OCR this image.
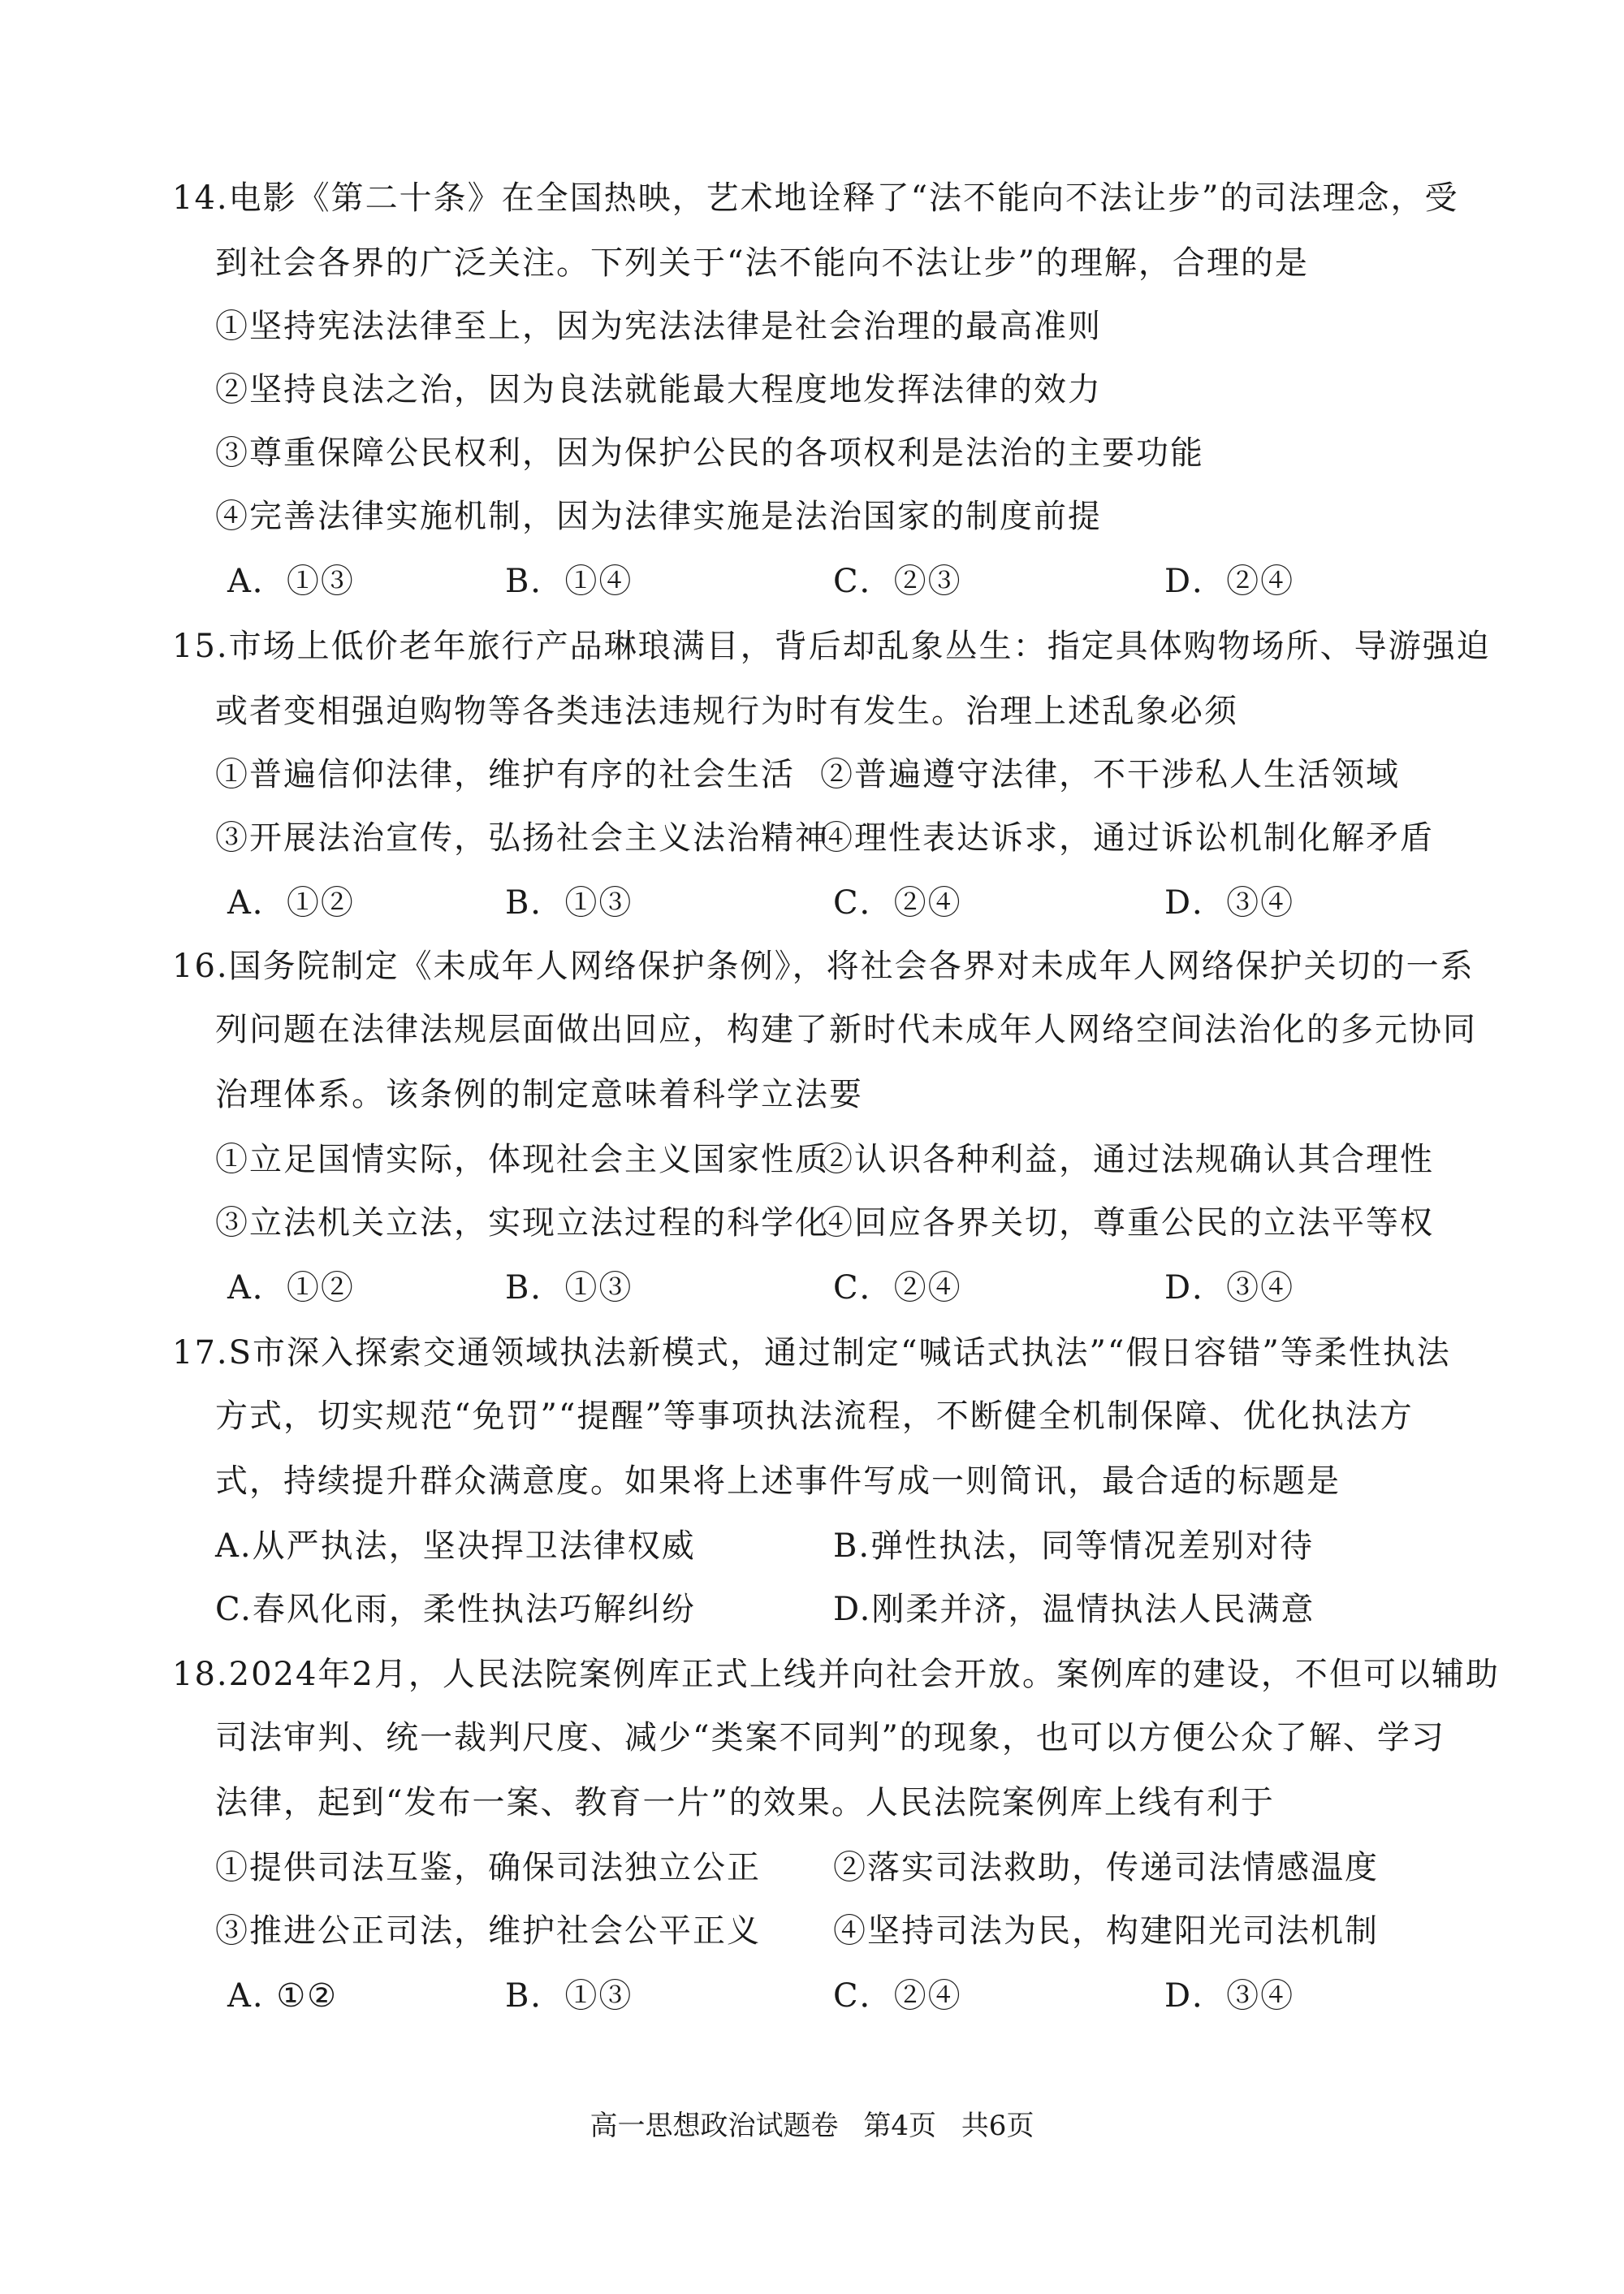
14.电影《第二十条》在全国热映，艺术地诠释了“法不能向不法让步”的司法理念，受
到社会各界的广泛关注。下列关于“法不能向不法让步”的理解，合理的是
①坚持宪法法律至上，因为宪法法律是社会治理的最高准则
②坚持良法之治，因为良法就能最大程度地发挥法律的效力
③尊重保障公民权利，因为保护公民的各项权利是法治的主要功能
④完善法律实施机制，因为法律实施是法治国家的制度前提
A．①③	B．①④	C．②③	D．②④
15.市场上低价老年旅行产品琳琅满目，背后却乱象丛生：指定具体购物场所、导游强迫
或者变相强迫购物等各类违法违规行为时有发生。治理上述乱象必须
①普遍信仰法律，维护有序的社会生活 ②普遍遵守法律，不干涉私人生活领域
③开展法治宣传，弘扬社会主义法治精神
④理性表达诉求，通过诉讼机制化解矛盾
A．①②	B．①③	C．②④	D．③④
16.国务院制定《未成年人网络保护条例》，将社会各界对未成年人网络保护关切的一系
列问题在法律法规层面做出回应，构建了新时代未成年人网络空间法治化的多元协同
治理体系。该条例的制定意味着科学立法要
①立足国情实际，体现社会主义国家性质
②认识各种利益，通过法规确认其合理性
③立法机关立法，实现立法过程的科学化
④回应各界关切，尊重公民的立法平等权
A．①②	B．①③	C．②④	D．③④
17.S市深入探索交通领域执法新模式，通过制定“喊话式执法”“假日容错”等柔性执法
方式，切实规范“免罚”“提醒”等事项执法流程，不断健全机制保障、优化执法方
式，持续提升群众满意度。如果将上述事件写成一则简讯，最合适的标题是
A.从严执法，坚决捍卫法律权威	B.弹性执法，同等情况差别对待
C.春风化雨，柔性执法巧解纠纷	D.刚柔并济，温情执法人民满意
18.2024年2月，人民法院案例库正式上线并向社会开放。案例库的建设，不但可以辅助
司法审判、统一裁判尺度、减少“类案不同判”的现象，也可以方便公众了解、学习
法律，起到“发布一案、教育一片”的效果。人民法院案例库上线有利于
①提供司法互鉴，确保司法独立公正 ②落实司法救助，传递司法情感温度
③推进公正司法，维护社会公平正义 ④坚持司法为民，构建阳光司法机制
A. ①②	B．①③	C．②④	D．③④
高一思想政治试题卷 第4页 共6页
